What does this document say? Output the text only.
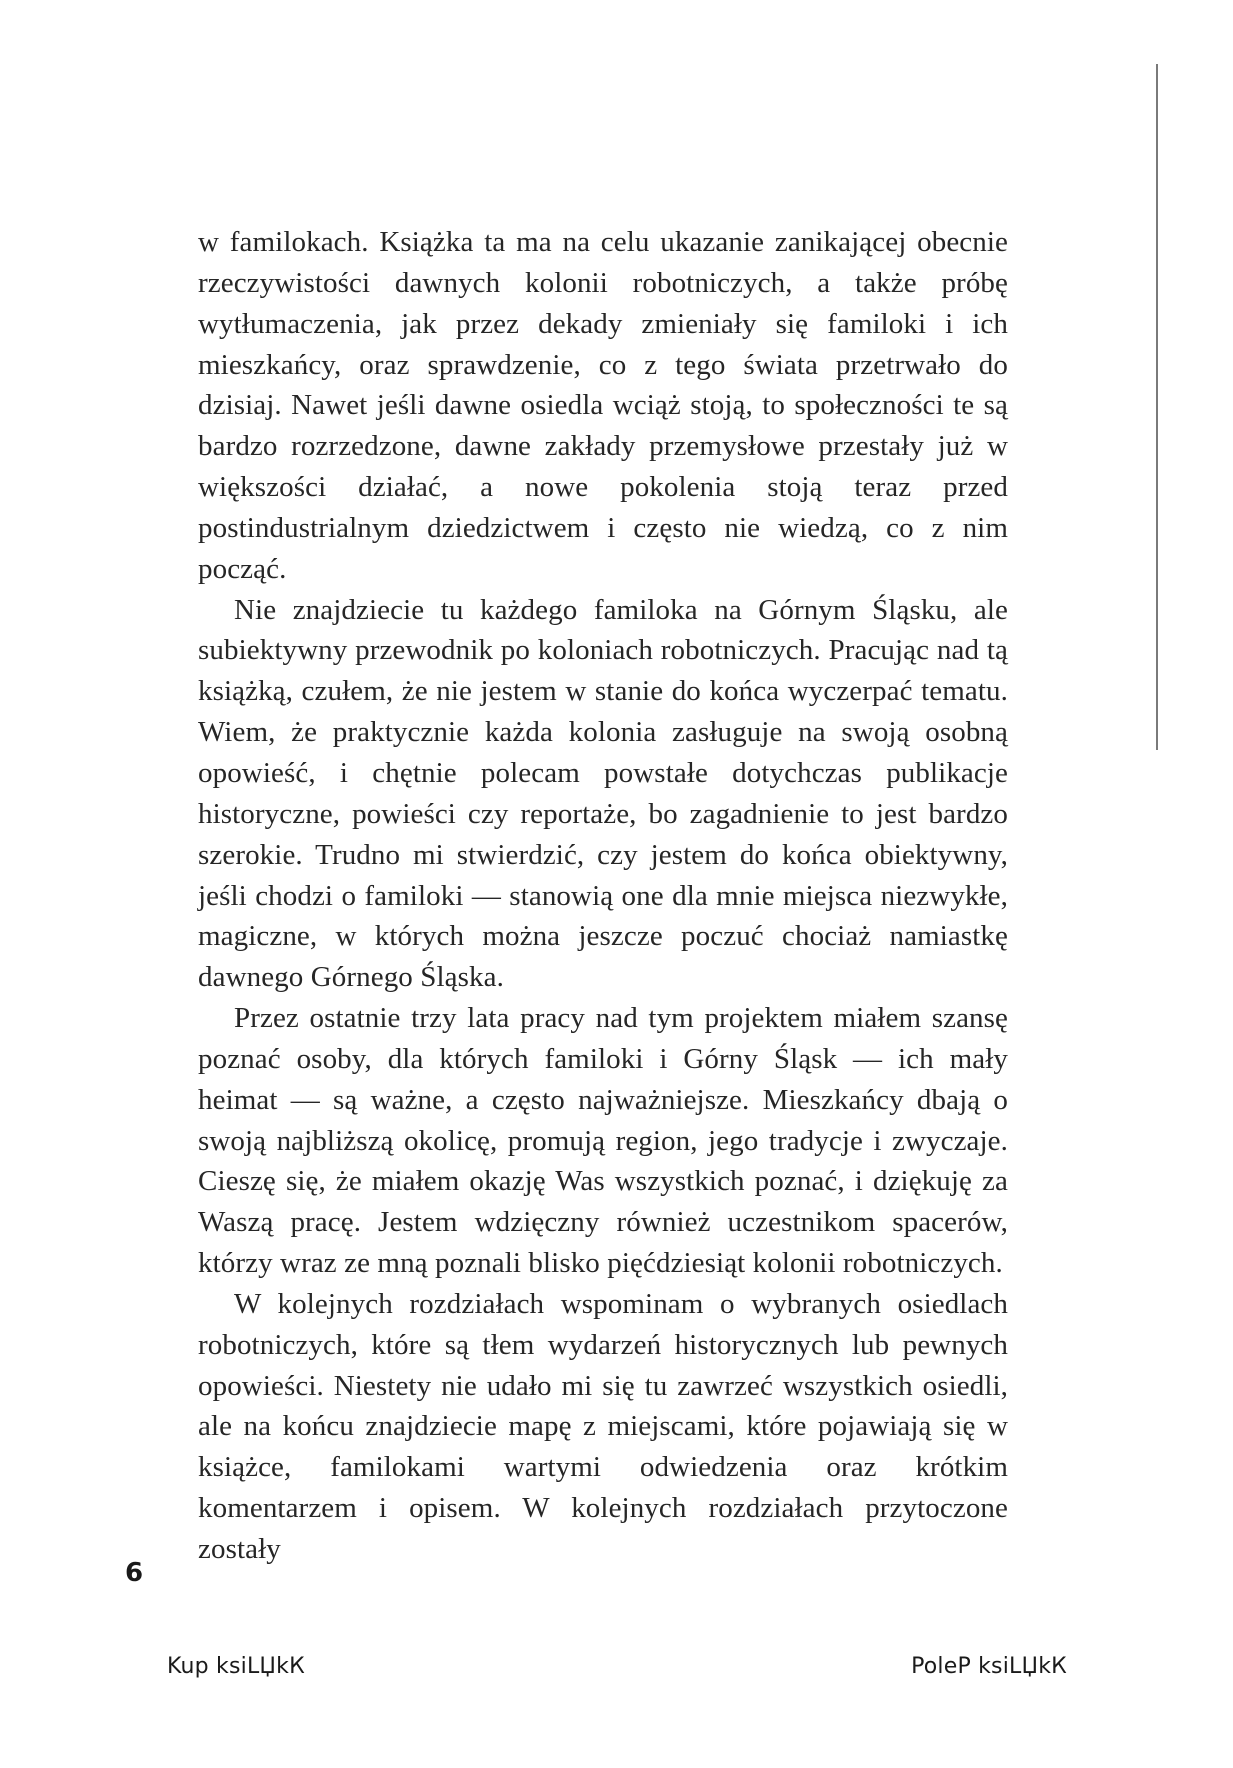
w familokach. Książka ta ma na celu ukazanie zanikającej obecnie rzeczywistości dawnych kolonii robotniczych, a także próbę wytłumaczenia, jak przez dekady zmieniały się familoki i ich mieszkańcy, oraz sprawdzenie, co z tego świata przetrwało do dzisiaj. Nawet jeśli dawne osiedla wciąż stoją, to społeczności te są bardzo rozrzedzone, dawne zakłady przemysłowe przestały już w większości działać, a nowe pokolenia stoją teraz przed postindustrialnym dziedzictwem i często nie wiedzą, co z nim począć.

Nie znajdziecie tu każdego familoka na Górnym Śląsku, ale subiektywny przewodnik po koloniach robotniczych. Pracując nad tą książką, czułem, że nie jestem w stanie do końca wyczerpać tematu. Wiem, że praktycznie każda kolonia zasługuje na swoją osobną opowieść, i chętnie polecam powstałe dotychczas publikacje historyczne, powieści czy reportaże, bo zagadnienie to jest bardzo szerokie. Trudno mi stwierdzić, czy jestem do końca obiektywny, jeśli chodzi o familoki — stanowią one dla mnie miejsca niezwykłe, magiczne, w których można jeszcze poczuć chociaż namiastkę dawnego Górnego Śląska.

Przez ostatnie trzy lata pracy nad tym projektem miałem szansę poznać osoby, dla których familoki i Górny Śląsk — ich mały heimat — są ważne, a często najważniejsze. Mieszkańcy dbają o swoją najbliższą okolicę, promują region, jego tradycje i zwyczaje. Cieszę się, że miałem okazję Was wszystkich poznać, i dziękuję za Waszą pracę. Jestem wdzięczny również uczestnikom spacerów, którzy wraz ze mną poznali blisko pięćdziesiąt kolonii robotniczych.

W kolejnych rozdziałach wspominam o wybranych osiedlach robotniczych, które są tłem wydarzeń historycznych lub pewnych opowieści. Niestety nie udało mi się tu zawrzeć wszystkich osiedli, ale na końcu znajdziecie mapę z miejscami, które pojawiają się w książce, familokami wartymi odwiedzenia oraz krótkim komentarzem i opisem. W kolejnych rozdziałach przytoczone zostały

6
Kup ksiLЏkК	PoleР ksiLЏkК
